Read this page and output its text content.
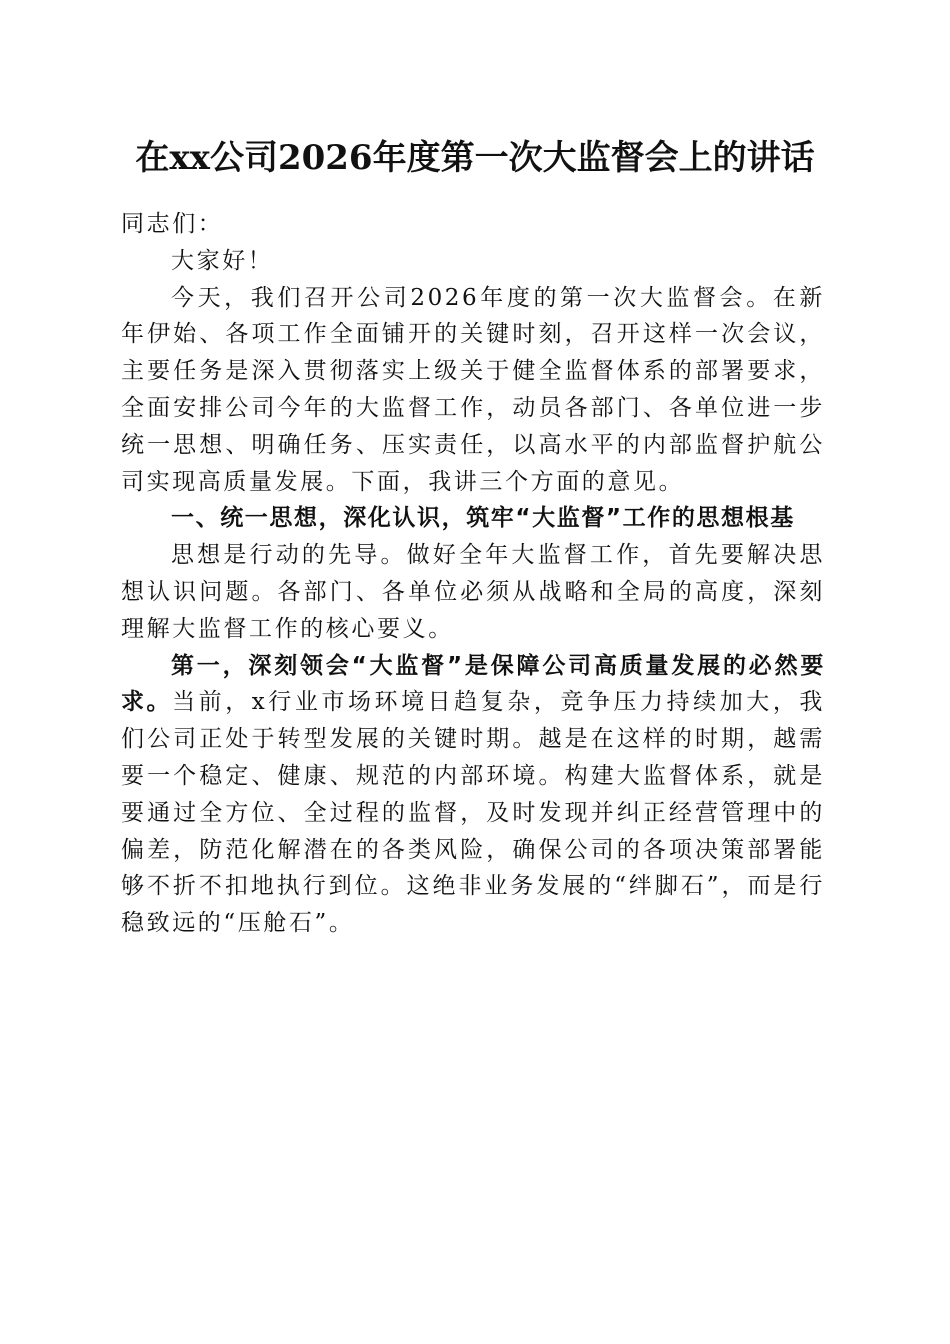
在xx公司2026年度第一次大监督会上的讲话

同志们：

大家好！

今天，我们召开公司2026年度的第一次大监督会。在新年伊始、各项工作全面铺开的关键时刻，召开这样一次会议，主要任务是深入贯彻落实上级关于健全监督体系的部署要求，全面安排公司今年的大监督工作，动员各部门、各单位进一步统一思想、明确任务、压实责任，以高水平的内部监督护航公司实现高质量发展。下面，我讲三个方面的意见。

一、统一思想，深化认识，筑牢“大监督”工作的思想根基

思想是行动的先导。做好全年大监督工作，首先要解决思想认识问题。各部门、各单位必须从战略和全局的高度，深刻理解大监督工作的核心要义。

第一，深刻领会“大监督”是保障公司高质量发展的必然要求。当前，x行业市场环境日趋复杂，竞争压力持续加大，我们公司正处于转型发展的关键时期。越是在这样的时期，越需要一个稳定、健康、规范的内部环境。构建大监督体系，就是要通过全方位、全过程的监督，及时发现并纠正经营管理中的偏差，防范化解潜在的各类风险，确保公司的各项决策部署能够不折不扣地执行到位。这绝非业务发展的“绊脚石”，而是行稳致远的“压舱石”。
